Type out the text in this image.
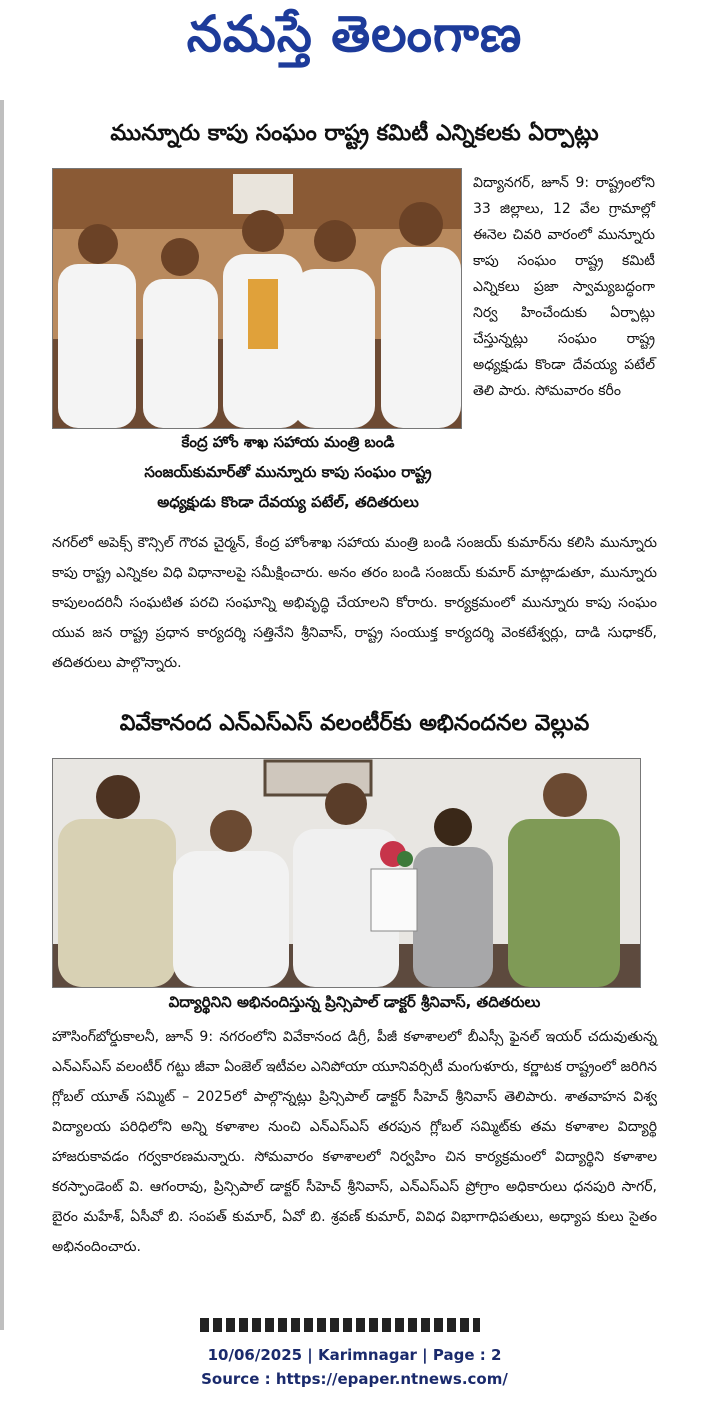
నమస్తే తెలంగాణ
మున్నూరు కాపు సంఘం రాష్ట్ర కమిటీ ఎన్నికలకు ఏర్పాట్లు
కేంద్ర హోం శాఖ సహాయ మంత్రి బండి
సంజయ్‌కుమార్‌తో మున్నూరు కాపు సంఘం రాష్ట్ర
అధ్యక్షుడు కొండా దేవయ్య పటేల్‌, తదితరులు

విద్యానగర్‌, జూన్‌ 9: రాష్ట్రంలోని 33 జిల్లాలు, 12 వేల గ్రామాల్లో ఈనెల చివరి వారంలో మున్నూరు కాపు సంఘం రాష్ట్ర కమిటీ ఎన్నికలు ప్రజా స్వామ్యబద్ధంగా నిర్వ హించేందుకు ఏర్పాట్లు చేస్తున్నట్లు సంఘం రాష్ట్ర అధ్యక్షుడు కొండా దేవయ్య పటేల్‌ తెలి పారు. సోమవారం కరీం

నగర్‌లో అపెక్స్‌ కౌన్సిల్‌ గౌరవ చైర్మన్‌, కేంద్ర హోంశాఖ సహాయ మంత్రి బండి సంజయ్‌ కుమార్‌ను కలిసి మున్నూరు కాపు రాష్ట్ర ఎన్నికల విధి విధానాలపై సమీక్షించారు. అనం తరం బండి సంజయ్‌ కుమార్‌ మాట్లాడుతూ, మున్నూరు కాపులందరినీ సంఘటిత పరచి సంఘాన్ని అభివృద్ధి చేయాలని కోరారు. కార్యక్రమంలో మున్నూరు కాపు సంఘం యువ జన రాష్ట్ర ప్రధాన కార్యదర్శి సత్తినేని శ్రీనివాస్‌, రాష్ట్ర సంయుక్త కార్యదర్శి వెంకటేశ్వర్లు, దాడి సుధాకర్‌, తదితరులు పాల్గొన్నారు.

వివేకానంద ఎన్‌ఎస్‌ఎస్‌ వలంటీర్‌కు అభినందనల వెల్లువ
విద్యార్థినిని అభినందిస్తున్న ప్రిన్సిపాల్‌ డాక్టర్‌ శ్రీనివాస్‌, తదితరులు

హౌసింగ్‌బోర్డుకాలనీ, జూన్‌ 9: నగరంలోని వివేకానంద డిగ్రీ, పీజీ కళాశాలలో బీఎస్సీ ఫైనల్‌ ఇయర్‌ చదువుతున్న ఎన్‌ఎస్‌ఎస్‌ వలంటీర్‌ గట్టు జీవా ఏంజెల్‌ ఇటీవల ఎనిపోయా యూనివర్సిటీ మంగుళూరు, కర్ణాటక రాష్ట్రంలో జరిగిన గ్లోబల్‌ యూత్‌ సమ్మిట్‌ – 2025లో పాల్గొన్నట్లు ప్రిన్సిపాల్‌ డాక్టర్‌ సీహెచ్‌ శ్రీనివాస్‌ తెలిపారు. శాతవాహన విశ్వ విద్యాలయ పరిధిలోని అన్ని కళాశాల నుంచి ఎన్‌ఎస్‌ఎస్‌ తరపున గ్లోబల్‌ సమ్మిట్‌కు తమ కళాశాల విద్యార్థి హాజరుకావడం గర్వకారణమన్నారు. సోమవారం కళాశాలలో నిర్వహిం చిన కార్యక్రమంలో విద్యార్థిని కళాశాల కరస్పాండెంట్‌ వి. ఆగంరావు, ప్రిన్సిపాల్‌ డాక్టర్‌ సీహెచ్‌ శ్రీనివాస్‌, ఎన్‌ఎస్‌ఎస్‌ ప్రోగ్రాం అధికారులు ధనపురి సాగర్‌, బైరం మహేశ్‌, ఏసీవో బి. సంపత్‌ కుమార్‌, ఏవో బి. శ్రవణ్‌ కుమార్‌, వివిధ విభాగాధిపతులు, అధ్యాప కులు సైతం అభినందించారు.

10/06/2025 | Karimnagar | Page : 2
Source : https://epaper.ntnews.com/
